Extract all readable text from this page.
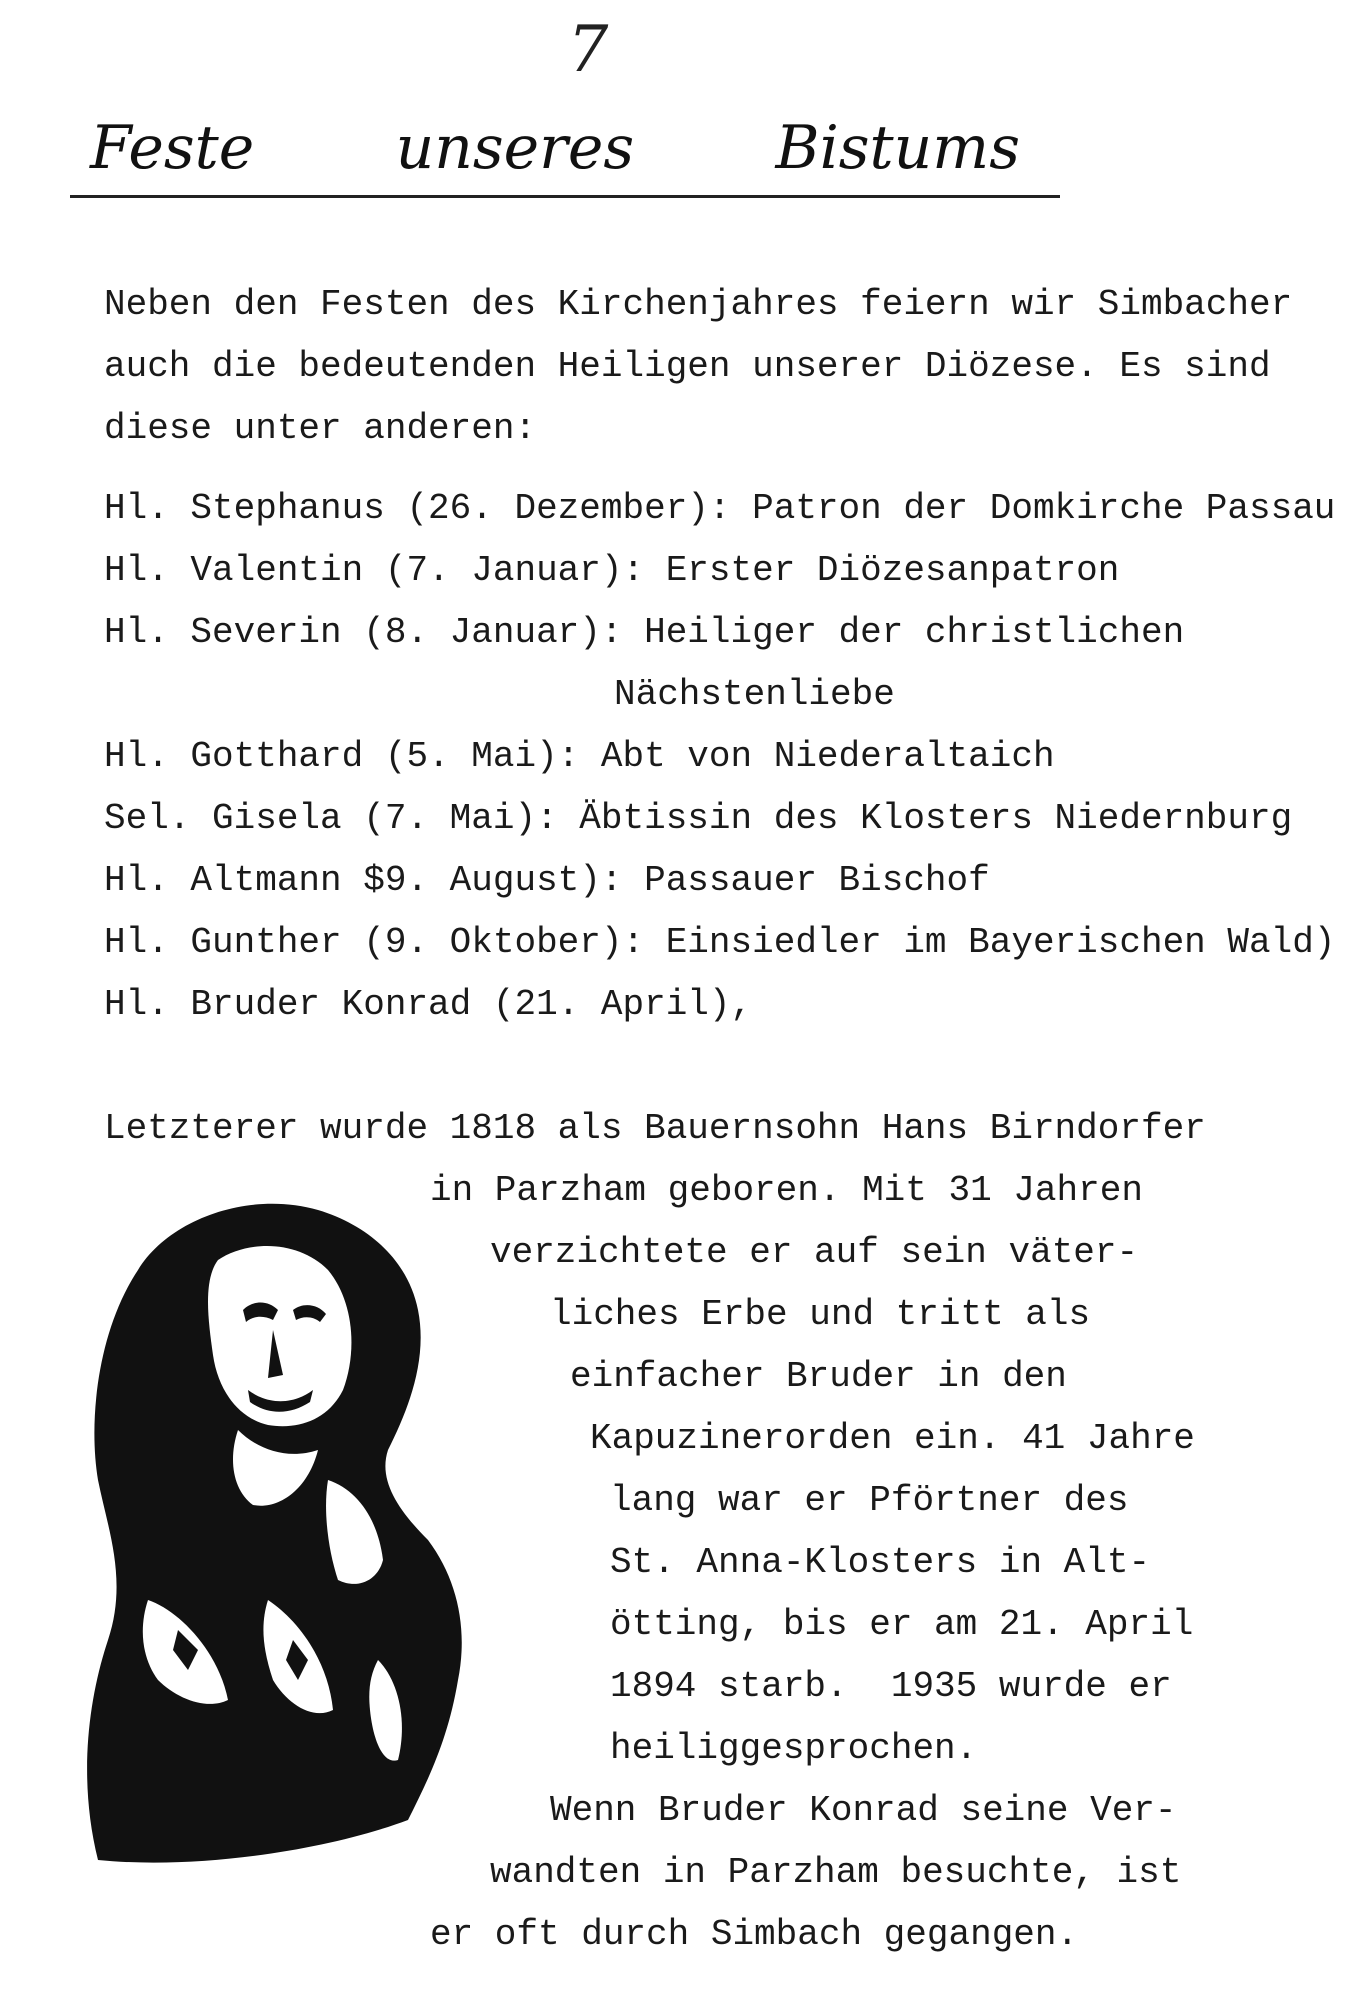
7
Feste unseres Bistums
Neben den Festen des Kirchenjahres feiern wir Simbacher
auch die bedeutenden Heiligen unserer Diözese. Es sind
diese unter anderen:
Hl. Stephanus (26. Dezember): Patron der Domkirche Passau
Hl. Valentin (7. Januar): Erster Diözesanpatron
Hl. Severin (8. Januar): Heiliger der christlichen
Nächstenliebe
Hl. Gotthard (5. Mai): Abt von Niederaltaich
Sel. Gisela (7. Mai): Äbtissin des Klosters Niedernburg
Hl. Altmann $9. August): Passauer Bischof
Hl. Gunther (9. Oktober): Einsiedler im Bayerischen Wald)
Hl. Bruder Konrad (21. April),
Letzterer wurde 1818 als Bauernsohn Hans Birndorfer
in Parzham geboren. Mit 31 Jahren
verzichtete er auf sein väter-
liches Erbe und tritt als
einfacher Bruder in den
Kapuzinerorden ein. 41 Jahre
lang war er Pförtner des
St. Anna-Klosters in Alt-
ötting, bis er am 21. April
1894 starb.  1935 wurde er
heiliggesprochen.
Wenn Bruder Konrad seine Ver-
wandten in Parzham besuchte, ist
er oft durch Simbach gegangen.
